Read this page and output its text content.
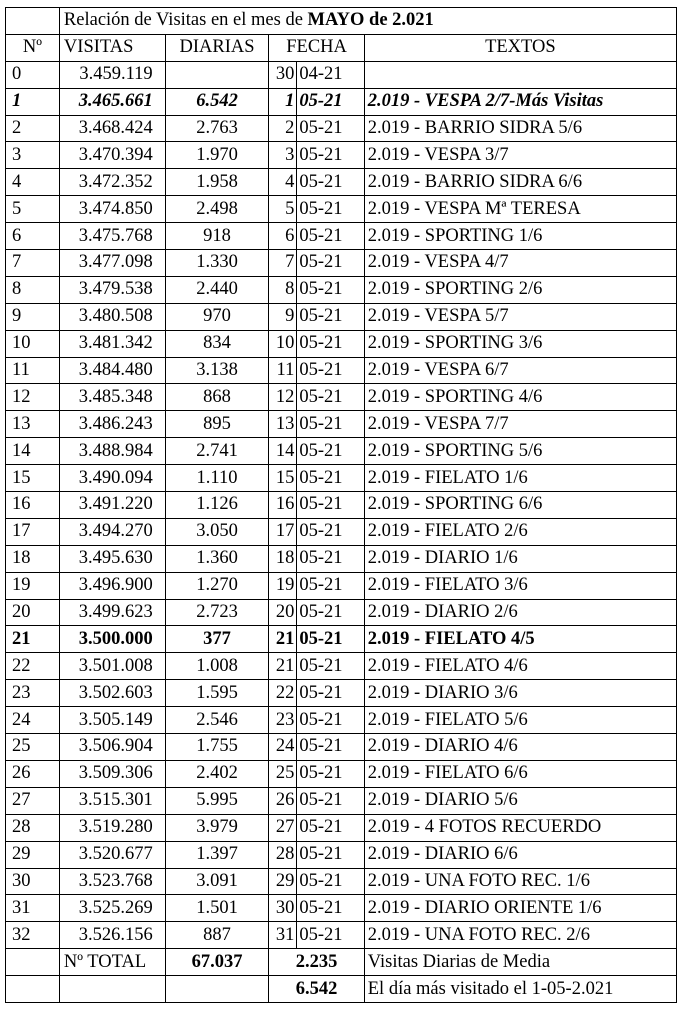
	Relación de Visitas en el mes de MAYO de 2.021				
Nº	VISITAS	DIARIAS	FECHA		TEXTOS
0	3.459.119		30	04-21	
1	3.465.661	6.542	1	05-21	2.019 - VESPA 2/7-Más Visitas
2	3.468.424	2.763	2	05-21	2.019 - BARRIO SIDRA 5/6
3	3.470.394	1.970	3	05-21	2.019 - VESPA 3/7
4	3.472.352	1.958	4	05-21	2.019 - BARRIO SIDRA 6/6
5	3.474.850	2.498	5	05-21	2.019 - VESPA Mª TERESA
6	3.475.768	918	6	05-21	2.019 - SPORTING 1/6
7	3.477.098	1.330	7	05-21	2.019 - VESPA 4/7
8	3.479.538	2.440	8	05-21	2.019 - SPORTING 2/6
9	3.480.508	970	9	05-21	2.019 - VESPA 5/7
10	3.481.342	834	10	05-21	2.019 - SPORTING 3/6
11	3.484.480	3.138	11	05-21	2.019 - VESPA 6/7
12	3.485.348	868	12	05-21	2.019 - SPORTING 4/6
13	3.486.243	895	13	05-21	2.019 - VESPA 7/7
14	3.488.984	2.741	14	05-21	2.019 - SPORTING 5/6
15	3.490.094	1.110	15	05-21	2.019 - FIELATO 1/6
16	3.491.220	1.126	16	05-21	2.019 - SPORTING 6/6
17	3.494.270	3.050	17	05-21	2.019 - FIELATO 2/6
18	3.495.630	1.360	18	05-21	2.019 - DIARIO 1/6
19	3.496.900	1.270	19	05-21	2.019 - FIELATO 3/6
20	3.499.623	2.723	20	05-21	2.019 - DIARIO 2/6
21	3.500.000	377	21	05-21	2.019 - FIELATO 4/5
22	3.501.008	1.008	21	05-21	2.019 - FIELATO 4/6
23	3.502.603	1.595	22	05-21	2.019 - DIARIO 3/6
24	3.505.149	2.546	23	05-21	2.019 - FIELATO 5/6
25	3.506.904	1.755	24	05-21	2.019 - DIARIO 4/6
26	3.509.306	2.402	25	05-21	2.019 - FIELATO 6/6
27	3.515.301	5.995	26	05-21	2.019 - DIARIO 5/6
28	3.519.280	3.979	27	05-21	2.019 - 4 FOTOS RECUERDO
29	3.520.677	1.397	28	05-21	2.019 - DIARIO 6/6
30	3.523.768	3.091	29	05-21	2.019 - UNA FOTO REC. 1/6
31	3.525.269	1.501	30	05-21	2.019 - DIARIO ORIENTE 1/6
32	3.526.156	887	31	05-21	2.019 - UNA FOTO REC. 2/6
	Nº TOTAL	67.037	2.235		Visitas Diarias de Media
			6.542		El día más visitado el 1-05-2.021
